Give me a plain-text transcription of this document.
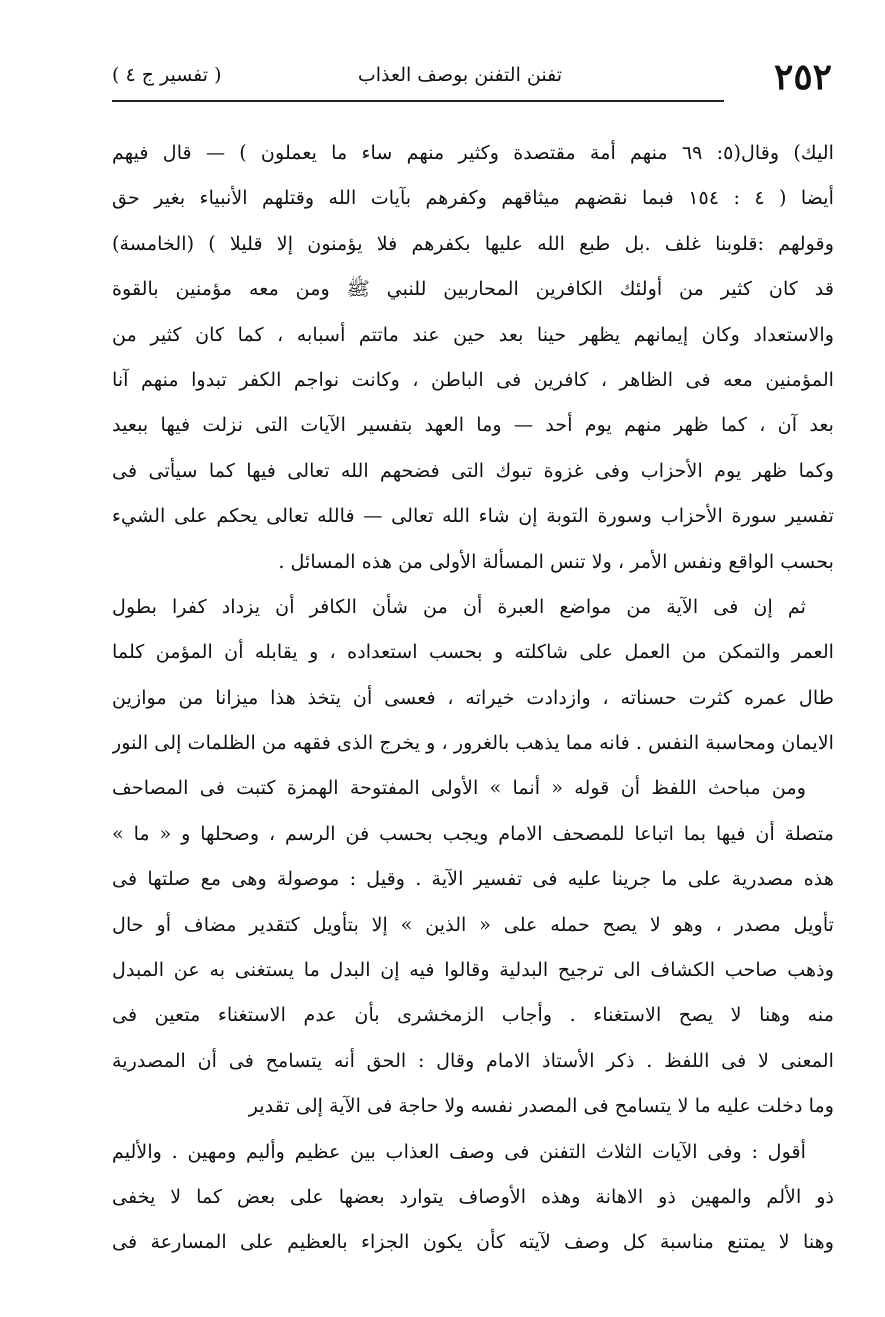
٢٥٢
تفنن التفنن بوصف العذاب
( تفسير ج ٤ )
اليك) وقال(٥: ٦٩ منهم أمة مقتصدة وكثير منهم ساء ما يعملون ) — قال فيهم
أيضا ( ٤ : ١٥٤ فبما نقضهم ميثاقهم وكفرهم بآيات الله وقتلهم الأنبياء بغير حق
وقولهم :قلوبنا غلف .بل طبع الله عليها بكفرهم فلا يؤمنون إلا قليلا ) (الخامسة)
قد كان كثير من أولئك الكافرين المحاربين للنبي ﷺ ومن معه مؤمنين بالقوة
والاستعداد وكان إيمانهم يظهر حينا بعد حين عند ماتتم أسبابه ، كما كان كثير من
المؤمنين معه فى الظاهر ، كافرين فى الباطن ، وكانت نواجم الكفر تبدوا منهم آنا
بعد آن ، كما ظهر منهم يوم أحد — وما العهد بتفسير الآيات التى نزلت فيها ببعيد
وكما ظهر يوم الأحزاب وفى غزوة تبوك التى فضحهم الله تعالى فيها كما سيأتى فى
تفسير سورة الأحزاب وسورة التوبة إن شاء الله تعالى — فالله تعالى يحكم على الشيء
بحسب الواقع ونفس الأمر ، ولا تنس المسألة الأولى من هذه المسائل .
ثم إن فى الآية من مواضع العبرة أن من شأن الكافر أن يزداد كفرا بطول
العمر والتمكن من العمل على شاكلته و بحسب استعداده ، و يقابله أن المؤمن كلما
طال عمره كثرت حسناته ، وازدادت خيراته ، فعسى أن يتخذ هذا ميزانا من موازين
الايمان ومحاسبة النفس . فانه مما يذهب بالغرور ، و يخرج الذى فقهه من الظلمات إلى النور
ومن مباحث اللفظ أن قوله « أنما » الأولى المفتوحة الهمزة كتبت فى المصاحف
متصلة أن فيها بما اتباعا للمصحف الامام ويجب بحسب فن الرسم ، وصحلها و « ما »
هذه مصدرية على ما جرينا عليه فى تفسير الآية . وقيل : موصولة وهى مع صلتها فى
تأويل مصدر ، وهو لا يصح حمله على « الذين » إلا بتأويل كتقدير مضاف أو حال
وذهب صاحب الكشاف الى ترجيح البدلية وقالوا فيه إن البدل ما يستغنى به عن المبدل
منه وهنا لا يصح الاستغناء . وأجاب الزمخشرى بأن عدم الاستغناء متعين فى
المعنى لا فى اللفظ . ذكر الأستاذ الامام وقال : الحق أنه يتسامح فى أن المصدرية
وما دخلت عليه ما لا يتسامح فى المصدر نفسه ولا حاجة فى الآية إلى تقدير
أقول : وفى الآيات الثلاث التفنن فى وصف العذاب بين عظيم وأليم ومهين . والأليم
ذو الألم والمهين ذو الاهانة وهذه الأوصاف يتوارد بعضها على بعض كما لا يخفى
وهنا لا يمتنع مناسبة كل وصف لآيته كأن يكون الجزاء بالعظيم على المسارعة فى
